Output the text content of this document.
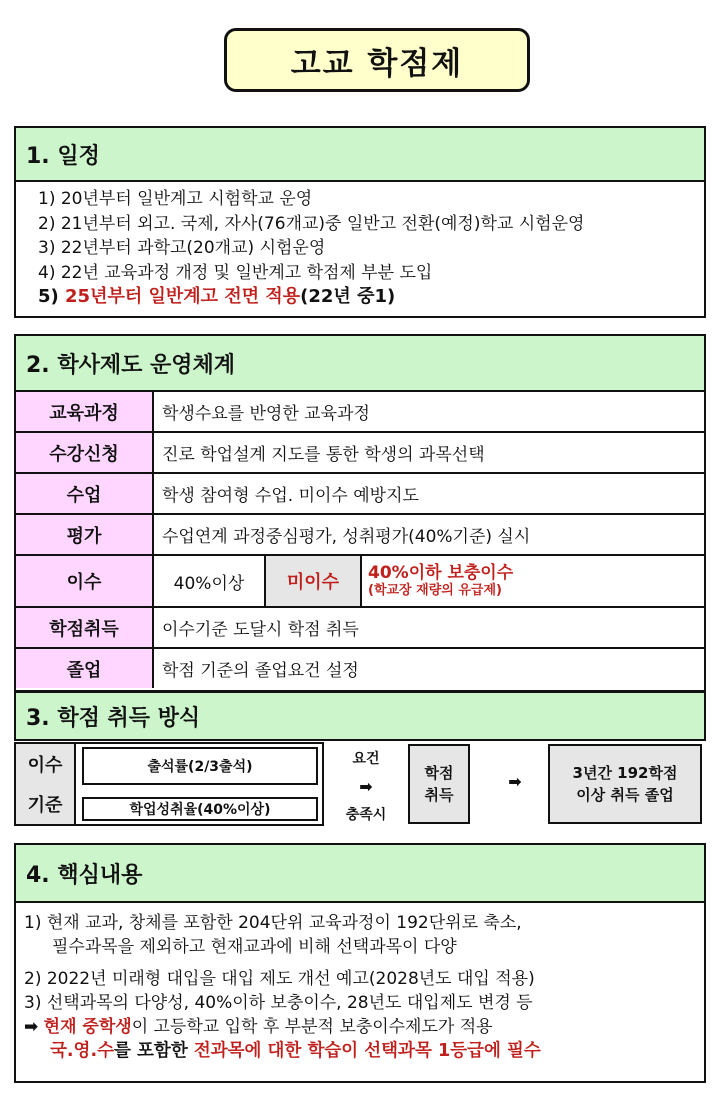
고교 학점제
1. 일정
1) 20년부터 일반계고 시험학교 운영
2) 21년부터 외고. 국제, 자사(76개교)중 일반고 전환(예정)학교 시험운영
3) 22년부터 과학고(20개교) 시험운영
4) 22년 교육과정 개정 및 일반계고 학점제 부분 도입
5) 25년부터 일반계고 전면 적용(22년 중1)
2. 학사제도 운영체계
교육과정	학생수요를 반영한 교육과정
수강신청	진로 학업설계 지도를 통한 학생의 과목선택
수업	학생 참여형 수업. 미이수 예방지도
평가	수업연계 과정중심평가, 성취평가(40%기준) 실시
이수	40%이상	미이수	40%이하 보충이수
(학교장 재량의 유급제)
학점취득	이수기준 도달시 학점 취득
졸업	학점 기준의 졸업요건 설정
3. 학점 취득 방식
이수
기준
출석률(2/3출석)
학업성취율(40%이상)
요건
➡
충족시
학점
취득
➡	3년간 192학점
이상 취득 졸업
4. 핵심내용
1) 현재 교과, 창체를 포함한 204단위 교육과정이 192단위로 축소,
필수과목을 제외하고 현재교과에 비해 선택과목이 다양
2) 2022년 미래형 대입을 대입 제도 개선 예고(2028년도 대입 적용)
3) 선택과목의 다양성, 40%이하 보충이수, 28년도 대입제도 변경 등
➡ 현재 중학생이 고등학교 입학 후 부분적 보충이수제도가 적용
국.영.수를 포함한 전과목에 대한 학습이 선택과목 1등급에 필수
